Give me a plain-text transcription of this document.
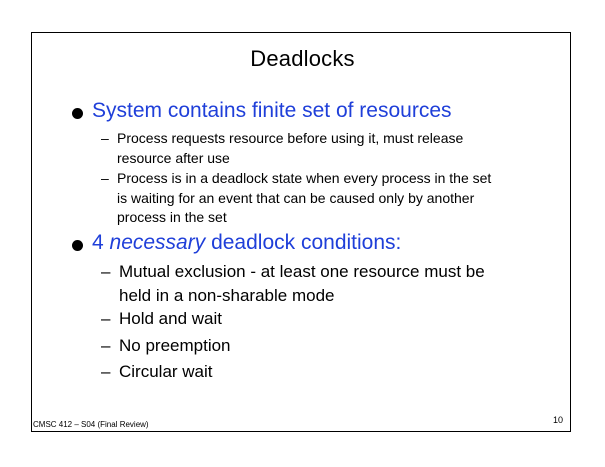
Deadlocks
System contains finite set of resources
– Process requests resource before using it, must release
resource after use
– Process is in a deadlock state when every process in the set
is waiting for an event that can be caused only by another
process in the set
4 necessary deadlock conditions:
– Mutual exclusion - at least one resource must be
held in a non-sharable mode
– Hold and wait
– No preemption
– Circular wait
CMSC 412 – S04 (Final Review)	10
